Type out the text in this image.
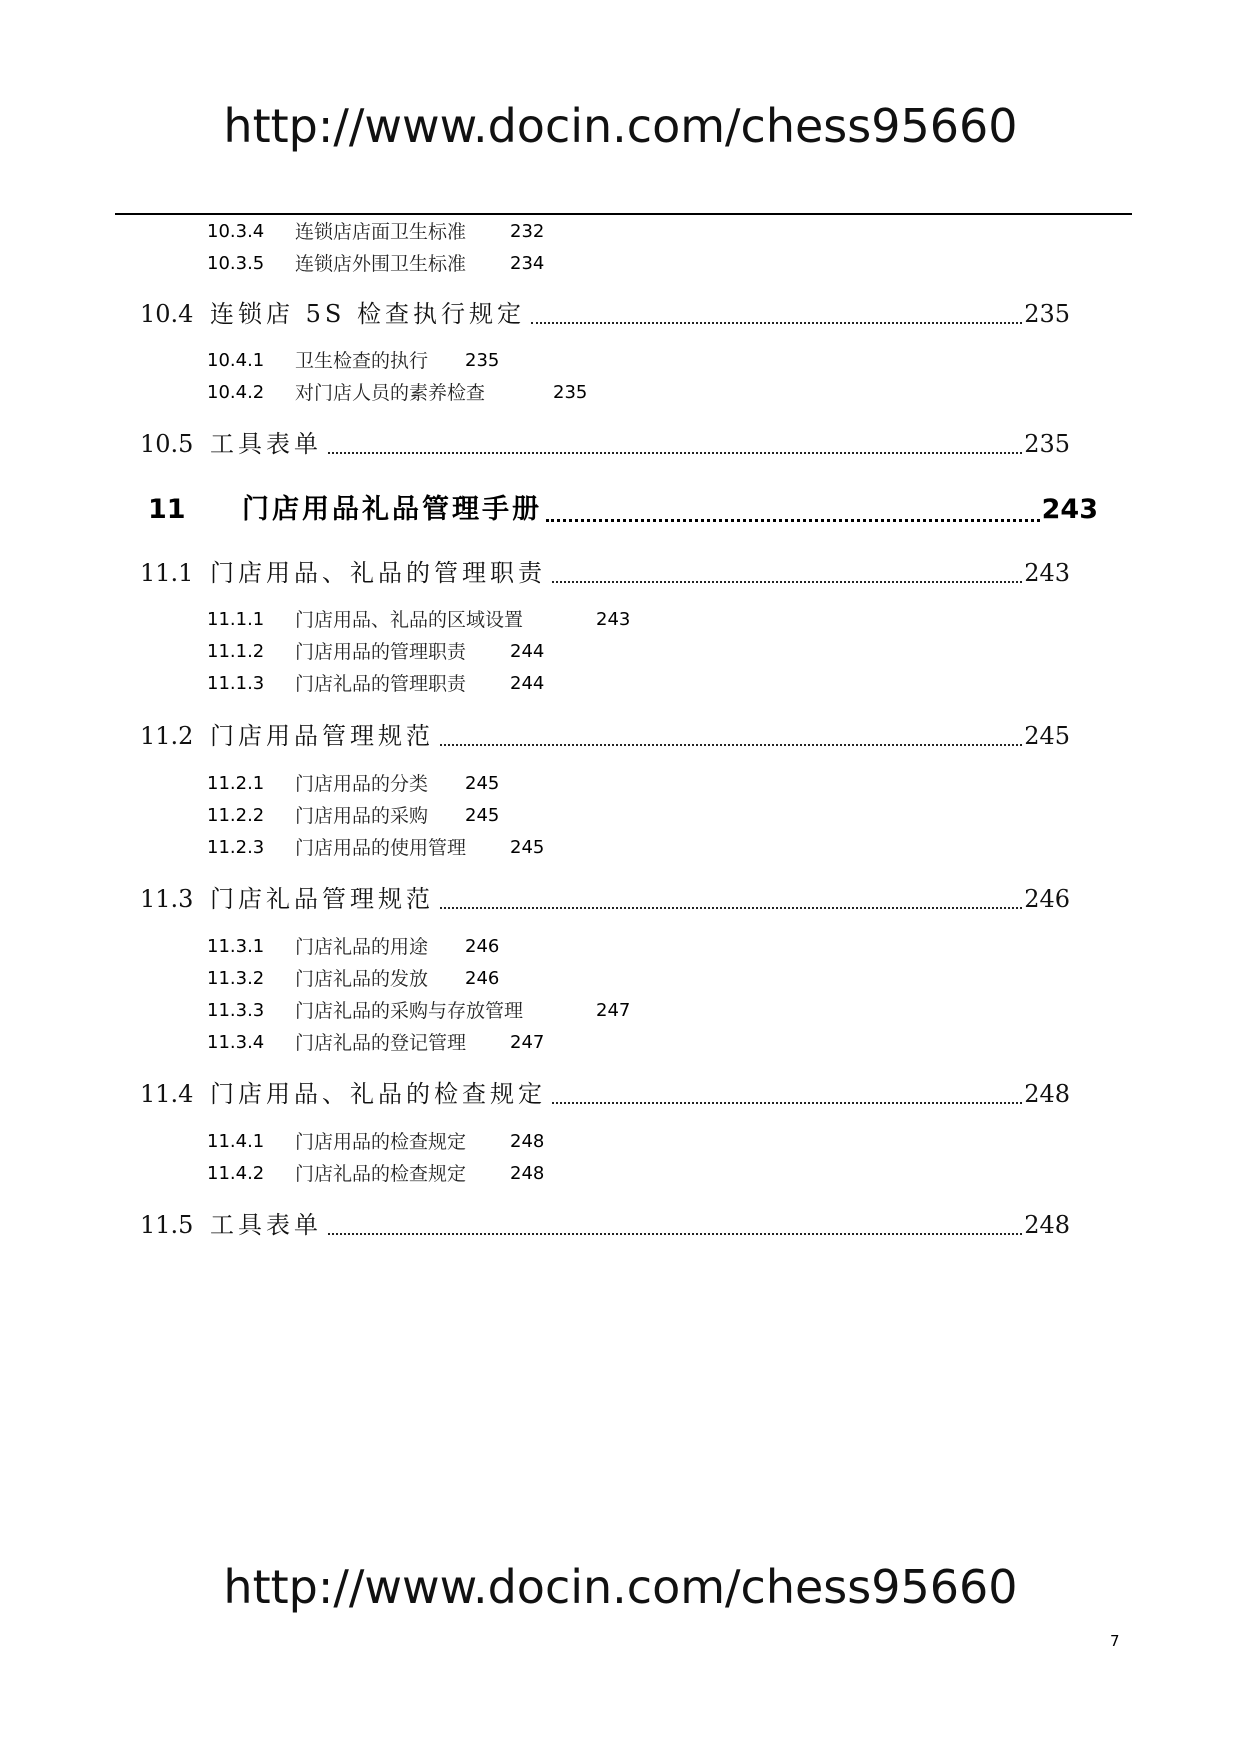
http://www.docin.com/chess95660
10.3.4 连锁店店面卫生标准 232
10.3.5 连锁店外围卫生标准 234
10.4 连锁店 5S 检查执行规定	235
10.4.1 卫生检查的执行 235
10.4.2 对门店人员的素养检查	235
10.5 工具表单	235
11	门店用品礼品管理手册	243
11.1 门店用品、礼品的管理职责	243
11.1.1 门店用品、礼品的区域设置	243
11.1.2 门店用品的管理职责 244
11.1.3 门店礼品的管理职责 244
11.2 门店用品管理规范	245
11.2.1 门店用品的分类 245
11.2.2 门店用品的采购 245
11.2.3 门店用品的使用管理 245
11.3 门店礼品管理规范	246
11.3.1 门店礼品的用途 246
11.3.2 门店礼品的发放 246
11.3.3 门店礼品的采购与存放管理	247
11.3.4 门店礼品的登记管理 247
11.4 门店用品、礼品的检查规定	248
11.4.1 门店用品的检查规定 248
11.4.2 门店礼品的检查规定 248
11.5 工具表单	248
http://www.docin.com/chess95660
7
